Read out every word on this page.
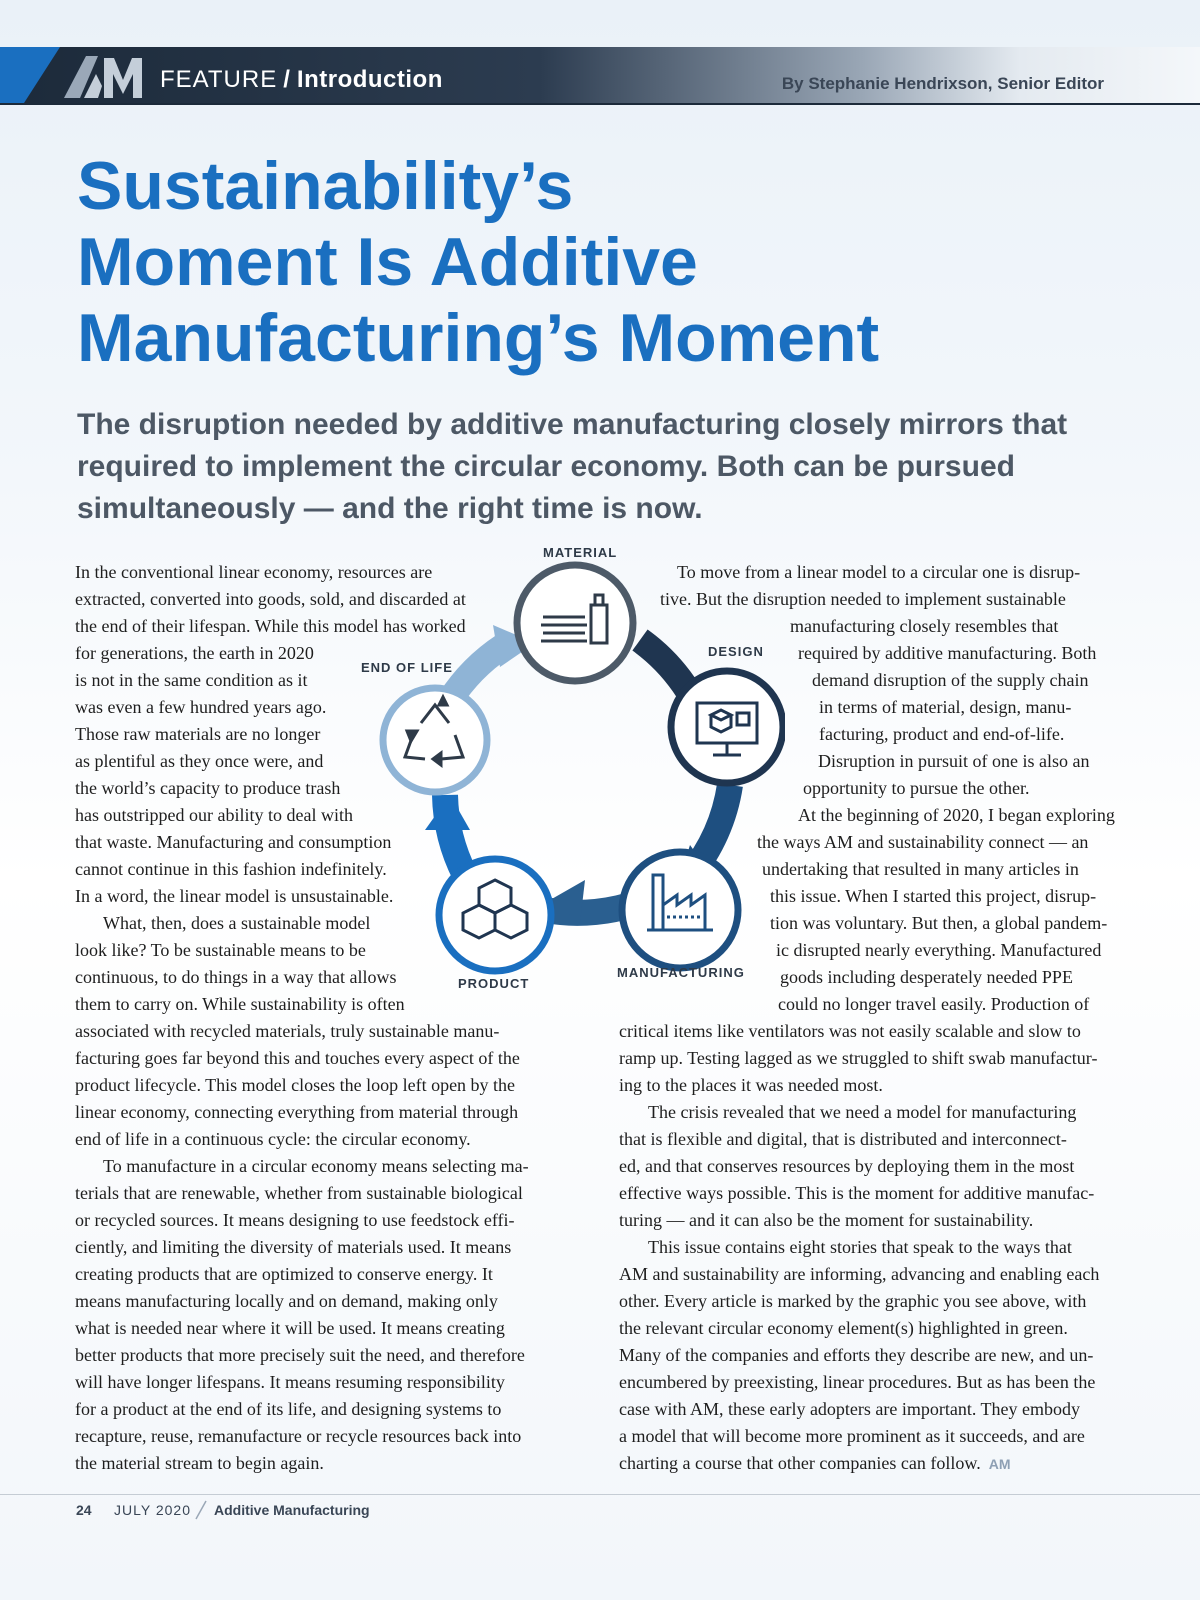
FEATURE / Introduction	By Stephanie Hendrixson, Senior Editor
Sustainability’s
Moment Is Additive
Manufacturing’s Moment

The disruption needed by additive manufacturing closely mirrors that required to implement the circular economy. Both can be pursued simultaneously — and the right time is now.

MATERIAL
DESIGN
MANUFACTURING
PRODUCT
END OF LIFE
In the conventional linear economy, resources are
extracted, converted into goods, sold, and discarded at
the end of their lifespan. While this model has worked
for generations, the earth in 2020
is not in the same condition as it
was even a few hundred years ago.
Those raw materials are no longer
as plentiful as they once were, and
the world’s capacity to produce trash
has outstripped our ability to deal with
that waste. Manufacturing and consumption
cannot continue in this fashion indefinitely.
In a word, the linear model is unsustainable.
What, then, does a sustainable model
look like? To be sustainable means to be
continuous, to do things in a way that allows
them to carry on. While sustainability is often
associated with recycled materials, truly sustainable manu-
facturing goes far beyond this and touches every aspect of the
product lifecycle. This model closes the loop left open by the
linear economy, connecting everything from material through
end of life in a continuous cycle: the circular economy.
To manufacture in a circular economy means selecting ma-
terials that are renewable, whether from sustainable biological
or recycled sources. It means designing to use feedstock effi-
ciently, and limiting the diversity of materials used. It means
creating products that are optimized to conserve energy. It
means manufacturing locally and on demand, making only
what is needed near where it will be used. It means creating
better products that more precisely suit the need, and therefore
will have longer lifespans. It means resuming responsibility
for a product at the end of its life, and designing systems to
recapture, reuse, remanufacture or recycle resources back into
the material stream to begin again.
To move from a linear model to a circular one is disrup-
tive. But the disruption needed to implement sustainable
manufacturing closely resembles that
required by additive manufacturing. Both
demand disruption of the supply chain
in terms of material, design, manu-
facturing, product and end-of-life.
Disruption in pursuit of one is also an
opportunity to pursue the other.
At the beginning of 2020, I began exploring
the ways AM and sustainability connect — an
undertaking that resulted in many articles in
this issue. When I started this project, disrup-
tion was voluntary. But then, a global pandem-
ic disrupted nearly everything. Manufactured
goods including desperately needed PPE
could no longer travel easily. Production of
critical items like ventilators was not easily scalable and slow to
ramp up. Testing lagged as we struggled to shift swab manufactur-
ing to the places it was needed most.
The crisis revealed that we need a model for manufacturing
that is flexible and digital, that is distributed and interconnect-
ed, and that conserves resources by deploying them in the most
effective ways possible. This is the moment for additive manufac-
turing — and it can also be the moment for sustainability.
This issue contains eight stories that speak to the ways that
AM and sustainability are informing, advancing and enabling each
other. Every article is marked by the graphic you see above, with
the relevant circular economy element(s) highlighted in green.
Many of the companies and efforts they describe are new, and un-
encumbered by preexisting, linear procedures. But as has been the
case with AM, these early adopters are important. They embody
a model that will become more prominent as it succeeds, and are
charting a course that other companies can follow. AM
24 JULY 2020 Additive Manufacturing
